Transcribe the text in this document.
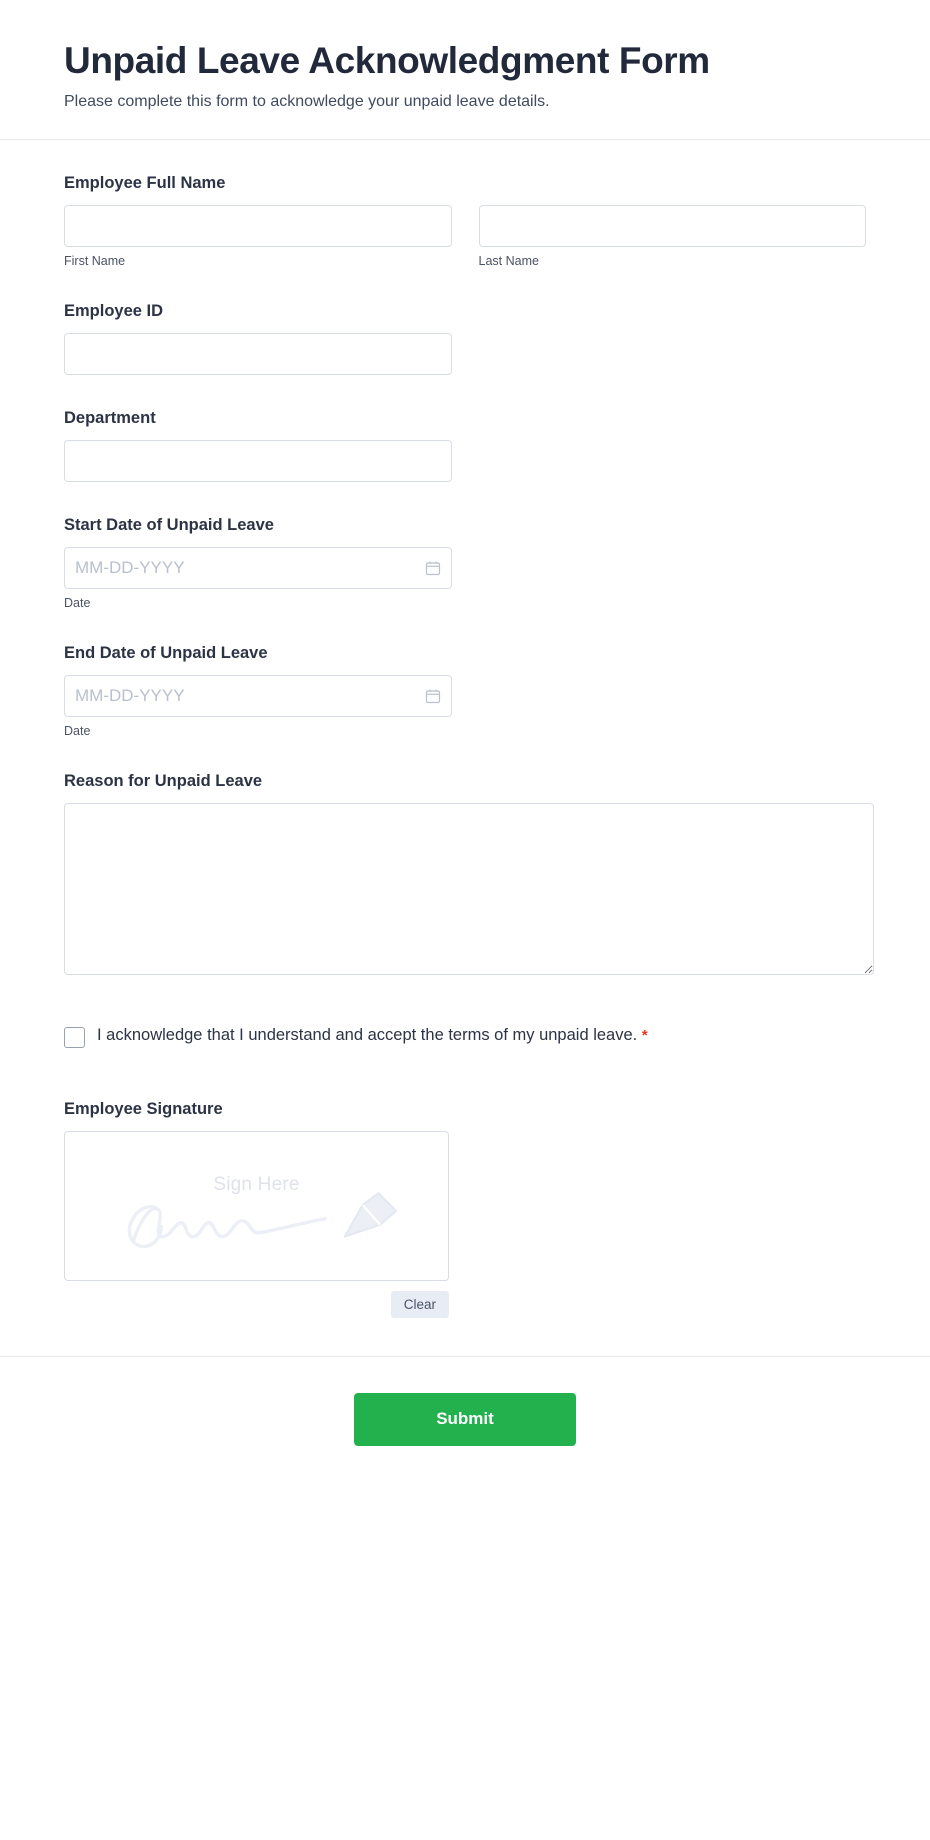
Unpaid Leave Acknowledgment Form

Please complete this form to acknowledge your unpaid leave details.

Employee Full Name
First Name	Last Name
Employee ID
Department
Start Date of Unpaid Leave
MM-DD-YYYY
Date
End Date of Unpaid Leave
MM-DD-YYYY
Date
Reason for Unpaid Leave
I acknowledge that I understand and accept the terms of my unpaid leave. *
Employee Signature
Sign Here
Clear
Submit
